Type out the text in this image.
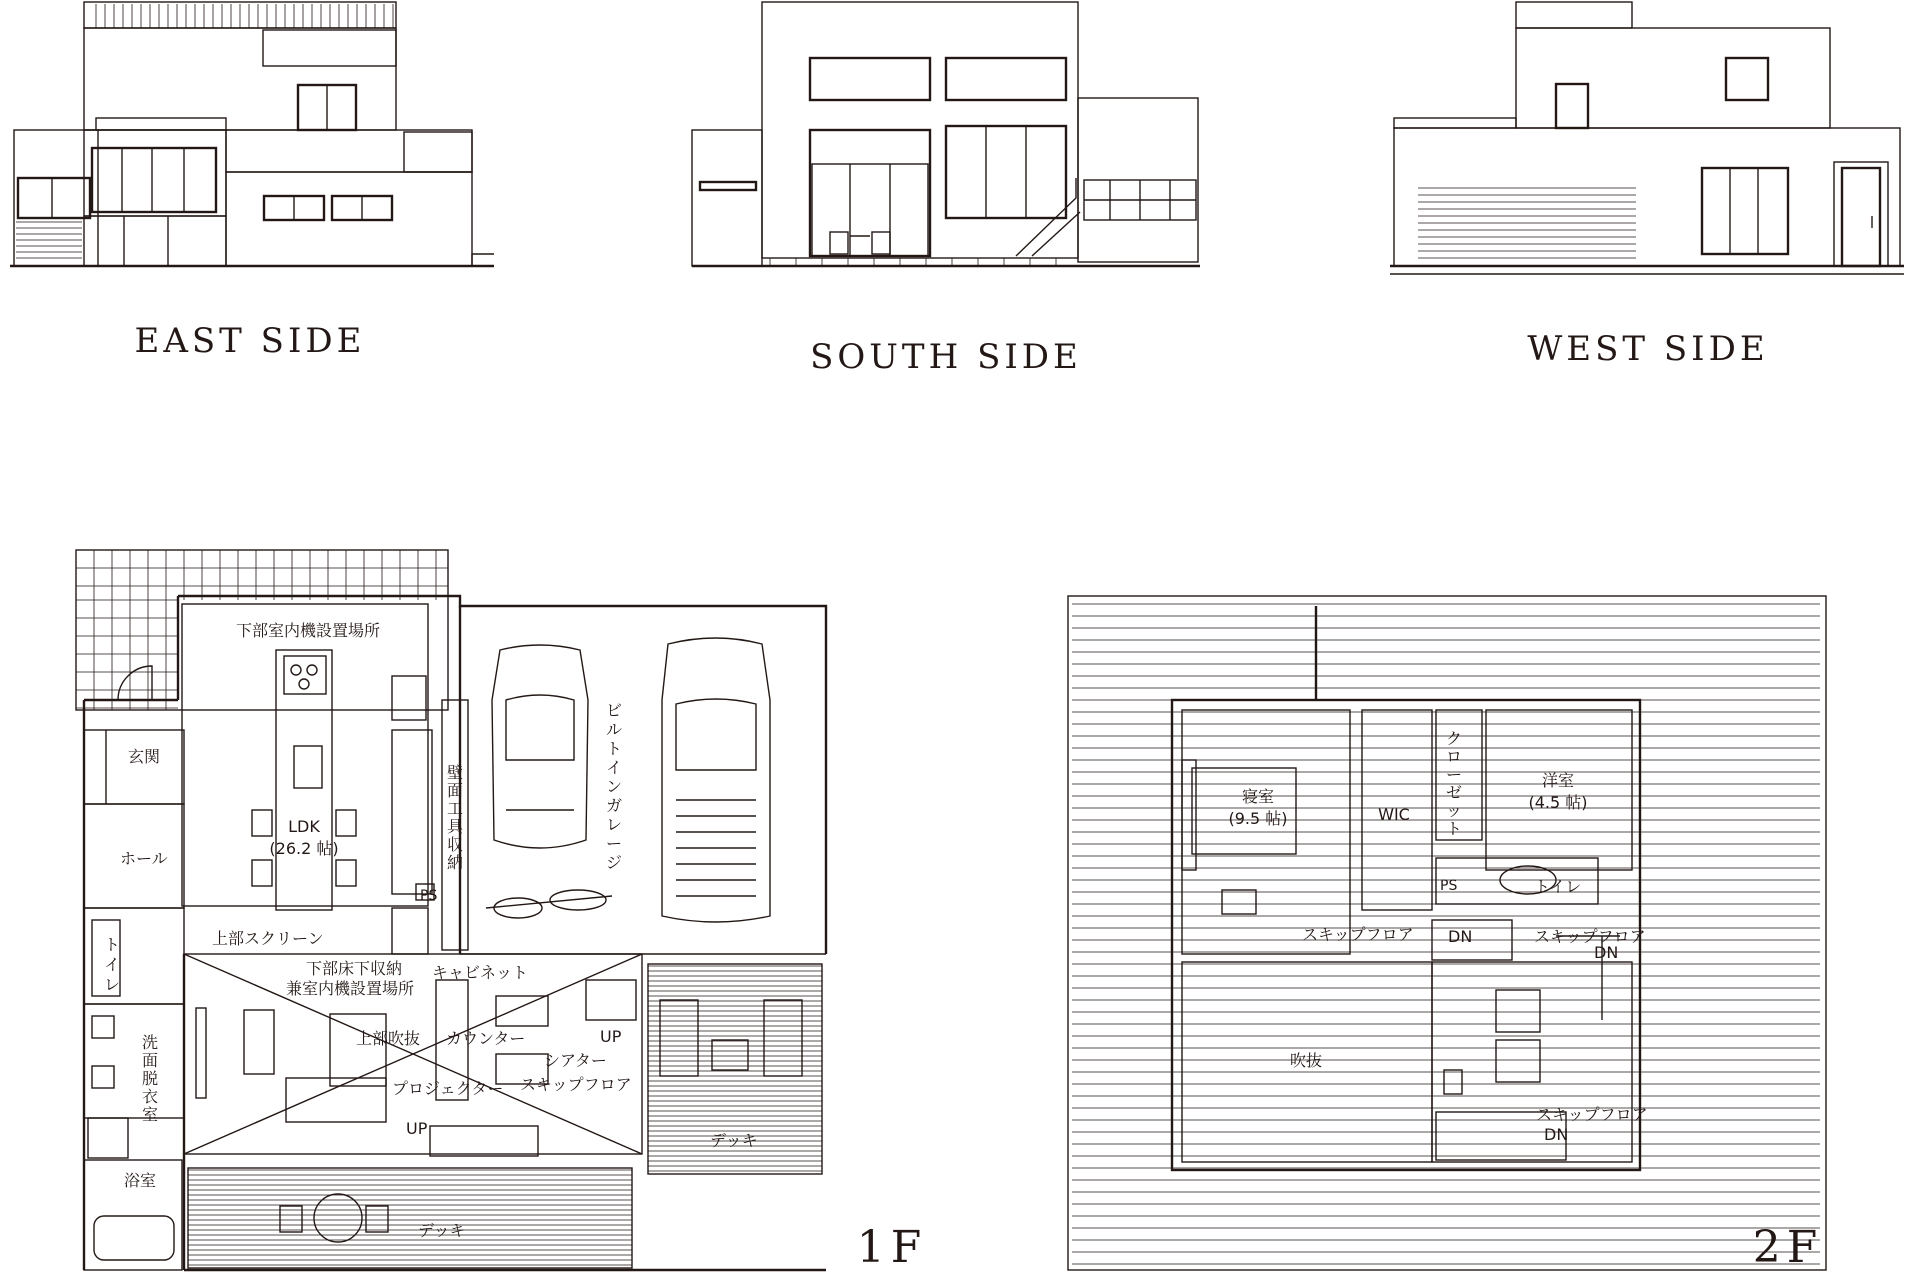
EAST SIDE	SOUTH SIDE	WEST SIDE
1F	2F
下部室内機設置場所
玄関
LDK
(26.2 帖)
ホール
トイレ
上部スクリーン
下部床下収納
兼室内機設置場所
キャビネット
上部吹抜 カウンター
シアター
スキップフロア
プロジェクター
UP
UP
デッキ
デッキ
浴室
PS
壁
面
工
具
収
納
ビ
ル
ト
イ
ン
ガ
レ
ー
ジ
洗
面
脱
衣
室
寝室
(9.5 帖)	WIC
洋室
(4.5 帖)
PS	トイレ
スキップフロア DN	スキップフロア
DN
吹抜
スキップフロア
DN
ク
ロ
ー
ゼ
ッ
ト
